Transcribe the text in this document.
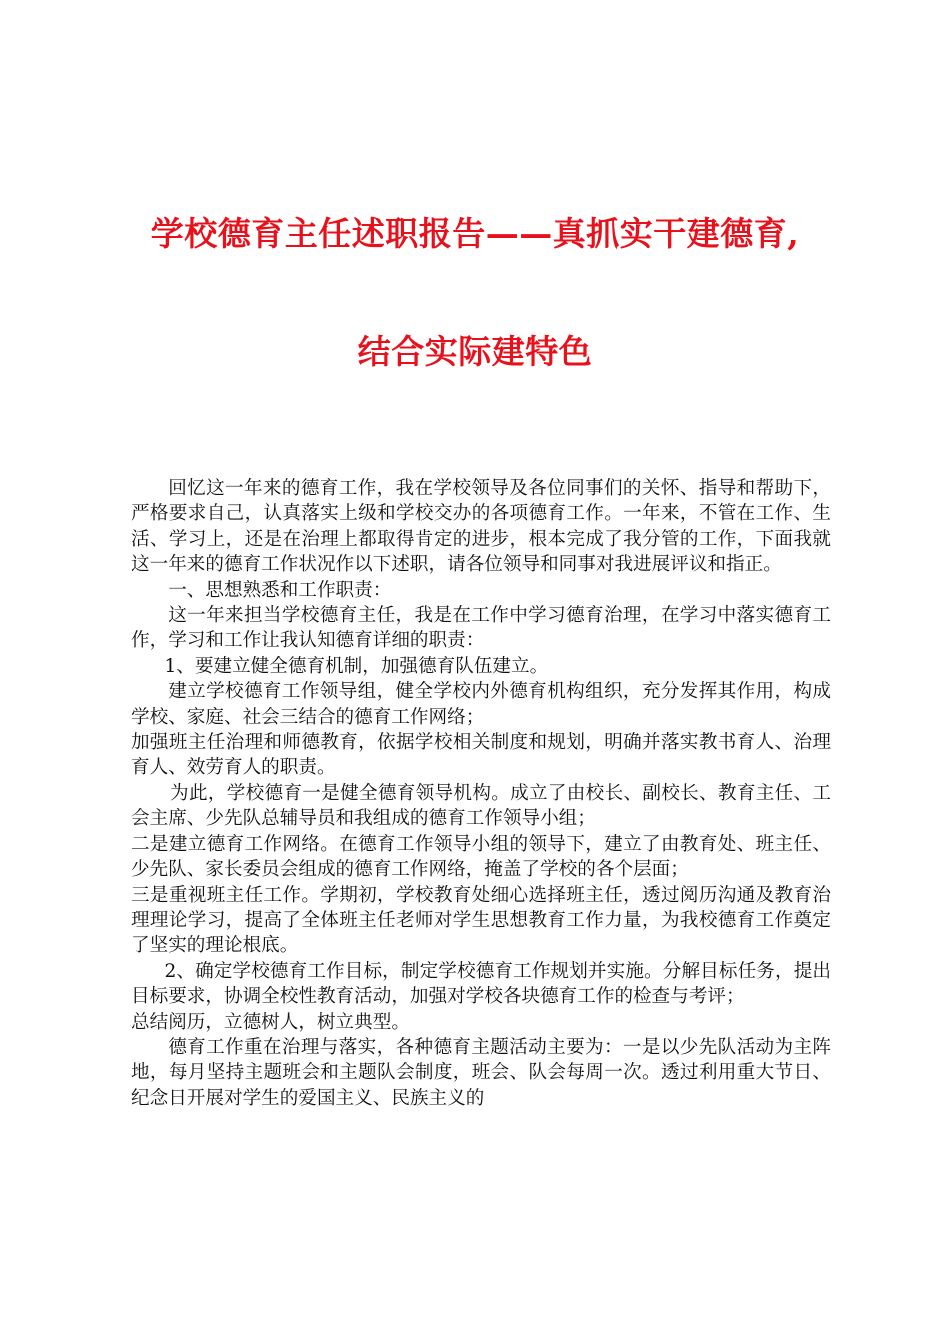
学校德育主任述职报告——真抓实干建德育,
结合实际建特色

回忆这一年来的德育工作，我在学校领导及各位同事们的关怀、指导和帮助下，严格要求自己，认真落实上级和学校交办的各项德育工作。一年来，不管在工作、生活、学习上，还是在治理上都取得肯定的进步，根本完成了我分管的工作，下面我就这一年来的德育工作状况作以下述职，请各位领导和同事对我进展评议和指正。

一、思想熟悉和工作职责：

这一年来担当学校德育主任，我是在工作中学习德育治理，在学习中落实德育工作，学习和工作让我认知德育详细的职责：

1、要建立健全德育机制，加强德育队伍建立。

建立学校德育工作领导组，健全学校内外德育机构组织，充分发挥其作用，构成学校、家庭、社会三结合的德育工作网络；

加强班主任治理和师德教育，依据学校相关制度和规划，明确并落实教书育人、治理育人、效劳育人的职责。

为此，学校德育一是健全德育领导机构。成立了由校长、副校长、教育主任、工会主席、少先队总辅导员和我组成的德育工作领导小组；

二是建立德育工作网络。在德育工作领导小组的领导下，建立了由教育处、班主任、少先队、家长委员会组成的德育工作网络，掩盖了学校的各个层面；

三是重视班主任工作。学期初，学校教育处细心选择班主任，透过阅历沟通及教育治理理论学习，提高了全体班主任老师对学生思想教育工作力量，为我校德育工作奠定了坚实的理论根底。

2、确定学校德育工作目标，制定学校德育工作规划并实施。分解目标任务，提出目标要求，协调全校性教育活动，加强对学校各块德育工作的检查与考评；

总结阅历，立德树人，树立典型。

德育工作重在治理与落实，各种德育主题活动主要为：一是以少先队活动为主阵地，每月坚持主题班会和主题队会制度，班会、队会每周一次。透过利用重大节日、纪念日开展对学生的爱国主义、民族主义的
